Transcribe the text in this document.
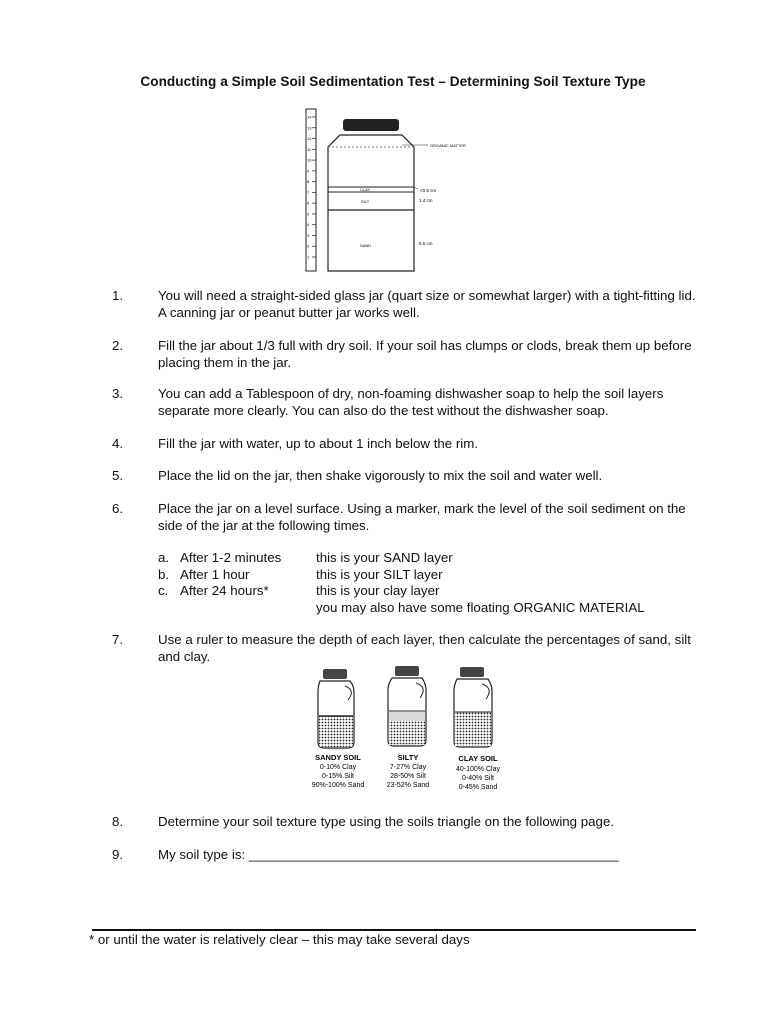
Conducting a Simple Soil Sedimentation Test – Determining Soil Texture Type
14
13
12
11
10
9
8
7
6
5
4
3
2
1
CLAY
SILT
SAND
ORGANIC MATTER
<0.5 cm
1.4 cm
5.5 cm
1.	You will need a straight-sided glass jar (quart size or somewhat larger) with a tight-fitting lid. A canning jar or peanut butter jar works well.
2.	Fill the jar about 1/3 full with dry soil. If your soil has clumps or clods, break them up before placing them in the jar.
3.	You can add a Tablespoon of dry, non-foaming dishwasher soap to help the soil layers separate more clearly. You can also do the test without the dishwasher soap.
4.	Fill the jar with water, up to about 1 inch below the rim.
5.	Place the lid on the jar, then shake vigorously to mix the soil and water well.
6.	Place the jar on a level surface. Using a marker, mark the level of the soil sediment on the side of the jar at the following times.
a. After 1-2 minutes	this is your SAND layer
b. After 1 hour	this is your SILT layer
c. After 24 hours*	this is your clay layer
you may also have some floating ORGANIC MATERIAL
7.	Use a ruler to measure the depth of each layer, then calculate the percentages of sand, silt and clay.
SANDY SOIL
0-10% Clay
0-15% Silt
90%-100% Sand
SILTY
7-27% Clay
28-50% Silt
23-52% Sand
CLAY SOIL
40-100% Clay
0-40% Silt
0-45% Sand
8.	Determine your soil texture type using the soils triangle on the following page.
9.	My soil type is: __________________________________________________
* or until the water is relatively clear – this may take several days
